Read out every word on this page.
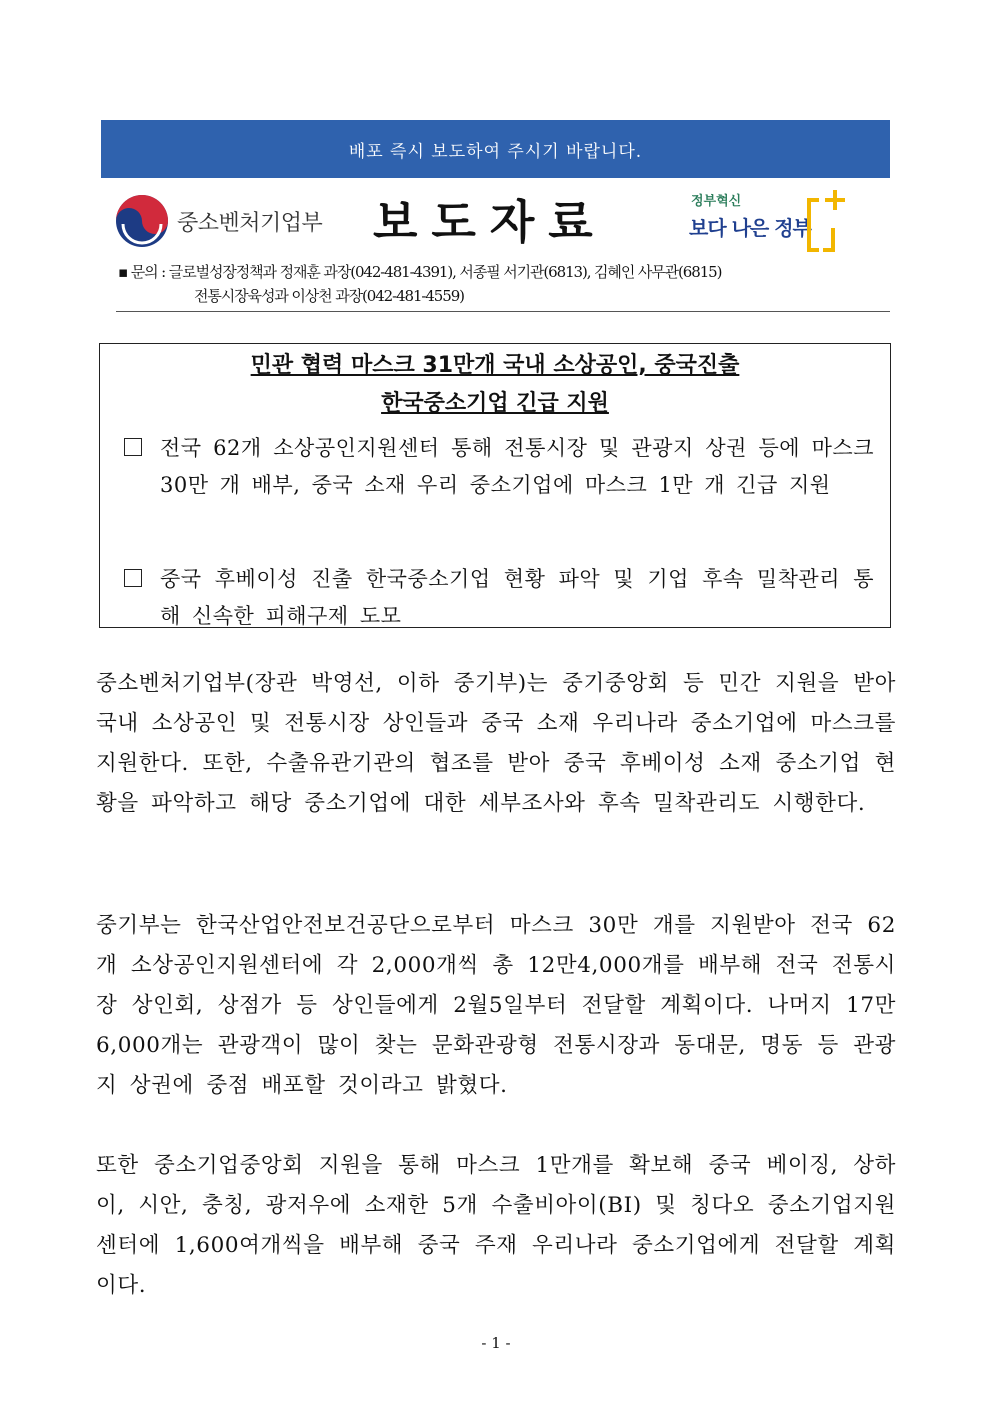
배포 즉시 보도하여 주시기 바랍니다.
중소벤처기업부 보도자료	정부혁신
보다 나은 정부
▪ 문의 : 글로벌성장정책과 정재훈 과장(042-481-4391), 서종필 서기관(6813), 김혜인 사무관(6815)
전통시장육성과 이상천 과장(042-481-4559)
민관 협력 마스크 31만개 국내 소상공인, 중국진출
한국중소기업 긴급 지원
전국 62개 소상공인지원센터 통해 전통시장 및 관광지 상권 등에 마스크 30만 개 배부, 중국 소재 우리 중소기업에 마스크 1만 개 긴급 지원
중국 후베이성 진출 한국중소기업 현황 파악 및 기업 후속 밀착관리 통해 신속한 피해구제 도모

중소벤처기업부(장관 박영선, 이하 중기부)는 중기중앙회 등 민간 지원을 받아 국내 소상공인 및 전통시장 상인들과 중국 소재 우리나라 중소기업에 마스크를 지원한다. 또한, 수출유관기관의 협조를 받아 중국 후베이성 소재 중소기업 현황을 파악하고 해당 중소기업에 대한 세부조사와 후속 밀착관리도 시행한다.

중기부는 한국산업안전보건공단으로부터 마스크 30만 개를 지원받아 전국 62개 소상공인지원센터에 각 2,000개씩 총 12만4,000개를 배부해 전국 전통시장 상인회, 상점가 등 상인들에게 2월5일부터 전달할 계획이다. 나머지 17만6,000개는 관광객이 많이 찾는 문화관광형 전통시장과 동대문, 명동 등 관광지 상권에 중점 배포할 것이라고 밝혔다.

또한 중소기업중앙회 지원을 통해 마스크 1만개를 확보해 중국 베이징, 상하이, 시안, 충칭, 광저우에 소재한 5개 수출비아이(BI) 및 칭다오 중소기업지원센터에 1,600여개씩을 배부해 중국 주재 우리나라 중소기업에게 전달할 계획이다.

- 1 -
